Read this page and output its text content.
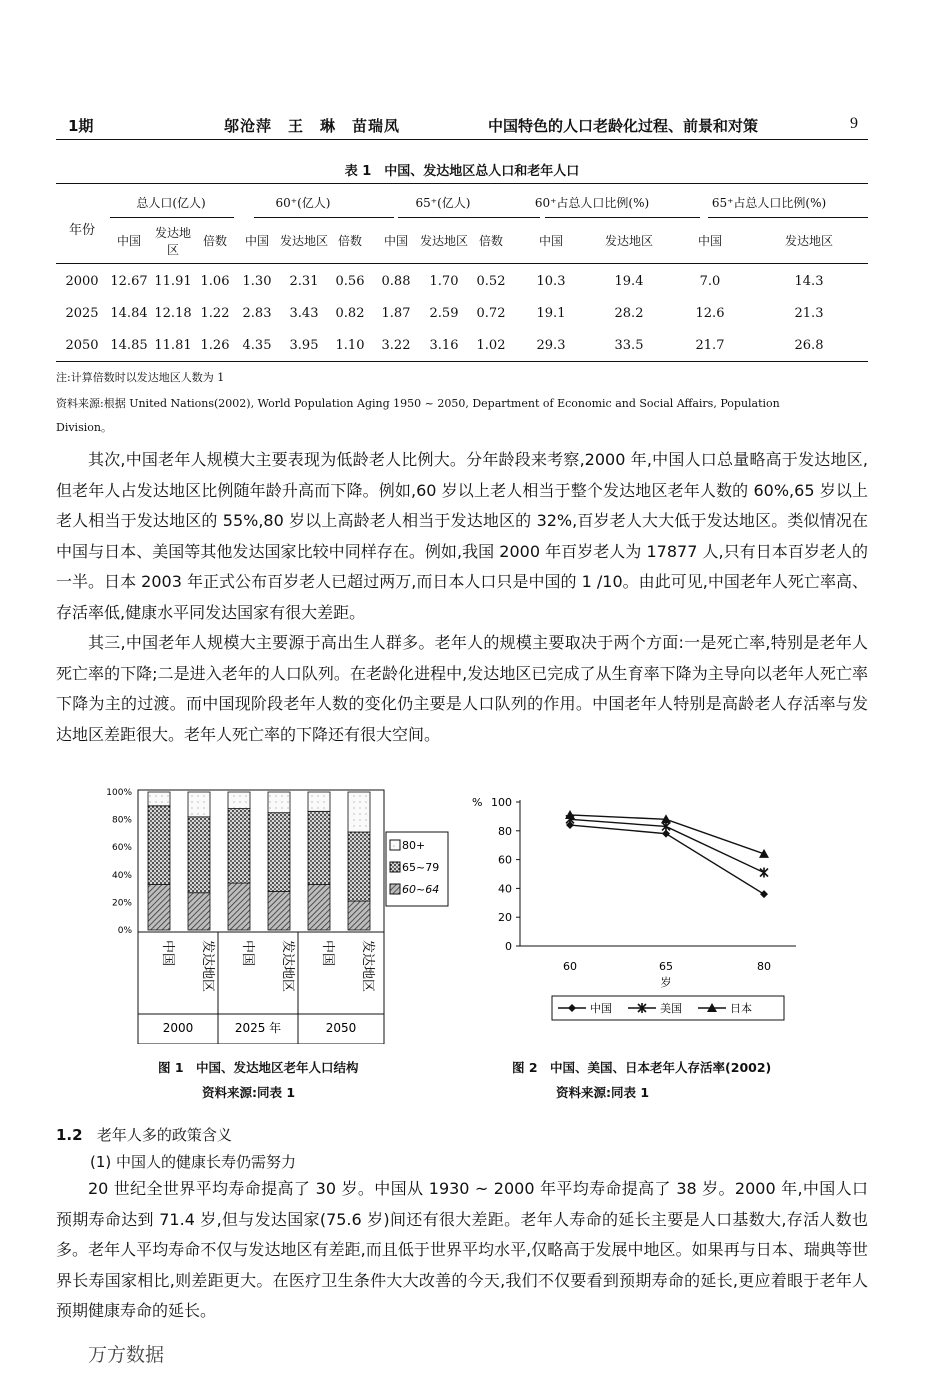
1期	邬沧萍　王　琳　苗瑞凤	中国特色的人口老龄化过程、前景和对策	9
表 1　中国、发达地区总人口和老年人口
年份	总人口(亿人)			60⁺(亿人)			65⁺(亿人)			60⁺占总人口比例(%)		65⁺占总人口比例(%)	
	中国	发达地区	倍数	中国	发达地区	倍数	中国	发达地区	倍数	中国	发达地区	中国	发达地区

2000	12.67	11.91	1.06	1.30	2.31	0.56	0.88	1.70	0.52	10.3	19.4	7.0	14.3
2025	14.84	12.18	1.22	2.83	3.43	0.82	1.87	2.59	0.72	19.1	28.2	12.6	21.3
2050	14.85	11.81	1.26	4.35	3.95	1.10	3.22	3.16	1.02	29.3	33.5	21.7	26.8
注:计算倍数时以发达地区人数为 1
资料来源:根据 United Nations(2002), World Population Aging 1950 ~ 2050, Department of Economic and Social Affairs, Population
Division。

其次,中国老年人规模大主要表现为低龄老人比例大。分年龄段来考察,2000 年,中国人口总量略高于发达地区,但老年人占发达地区比例随年龄升高而下降。例如,60 岁以上老人相当于整个发达地区老年人数的 60%,65 岁以上老人相当于发达地区的 55%,80 岁以上高龄老人相当于发达地区的 32%,百岁老人大大低于发达地区。类似情况在中国与日本、美国等其他发达国家比较中同样存在。例如,我国 2000 年百岁老人为 17877 人,只有日本百岁老人的一半。日本 2003 年正式公布百岁老人已超过两万,而日本人口只是中国的 1 /10。由此可见,中国老年人死亡率高、存活率低,健康水平同发达国家有很大差距。

其三,中国老年人规模大主要源于高出生人群多。老年人的规模主要取决于两个方面:一是死亡率,特别是老年人死亡率的下降;二是进入老年的人口队列。在老龄化进程中,发达地区已完成了从生育率下降为主导向以老年人死亡率下降为主的过渡。而中国现阶段老年人数的变化仍主要是人口队列的作用。中国老年人特别是高龄老人存活率与发达地区差距很大。老年人死亡率的下降还有很大空间。

100%
80%
60%
40%
20%
0%
中国 发达地区 中国 发达地区 中国 发达地区
2000	2025 年	2050
80+
65~79
60~64
% 100
80
60
40
20
0
60	65	80
岁
中国	美国	日本
图 1　中国、发达地区老年人口结构
资料来源:同表 1
图 2　中国、美国、日本老年人存活率(2002)
资料来源:同表 1
1.2 老年人多的政策含义
(1) 中国人的健康长寿仍需努力

20 世纪全世界平均寿命提高了 30 岁。中国从 1930 ~ 2000 年平均寿命提高了 38 岁。2000 年,中国人口预期寿命达到 71.4 岁,但与发达国家(75.6 岁)间还有很大差距。老年人寿命的延长主要是人口基数大,存活人数也多。老年人平均寿命不仅与发达地区有差距,而且低于世界平均水平,仅略高于发展中地区。如果再与日本、瑞典等世界长寿国家相比,则差距更大。在医疗卫生条件大大改善的今天,我们不仅要看到预期寿命的延长,更应着眼于老年人预期健康寿命的延长。

万方数据
